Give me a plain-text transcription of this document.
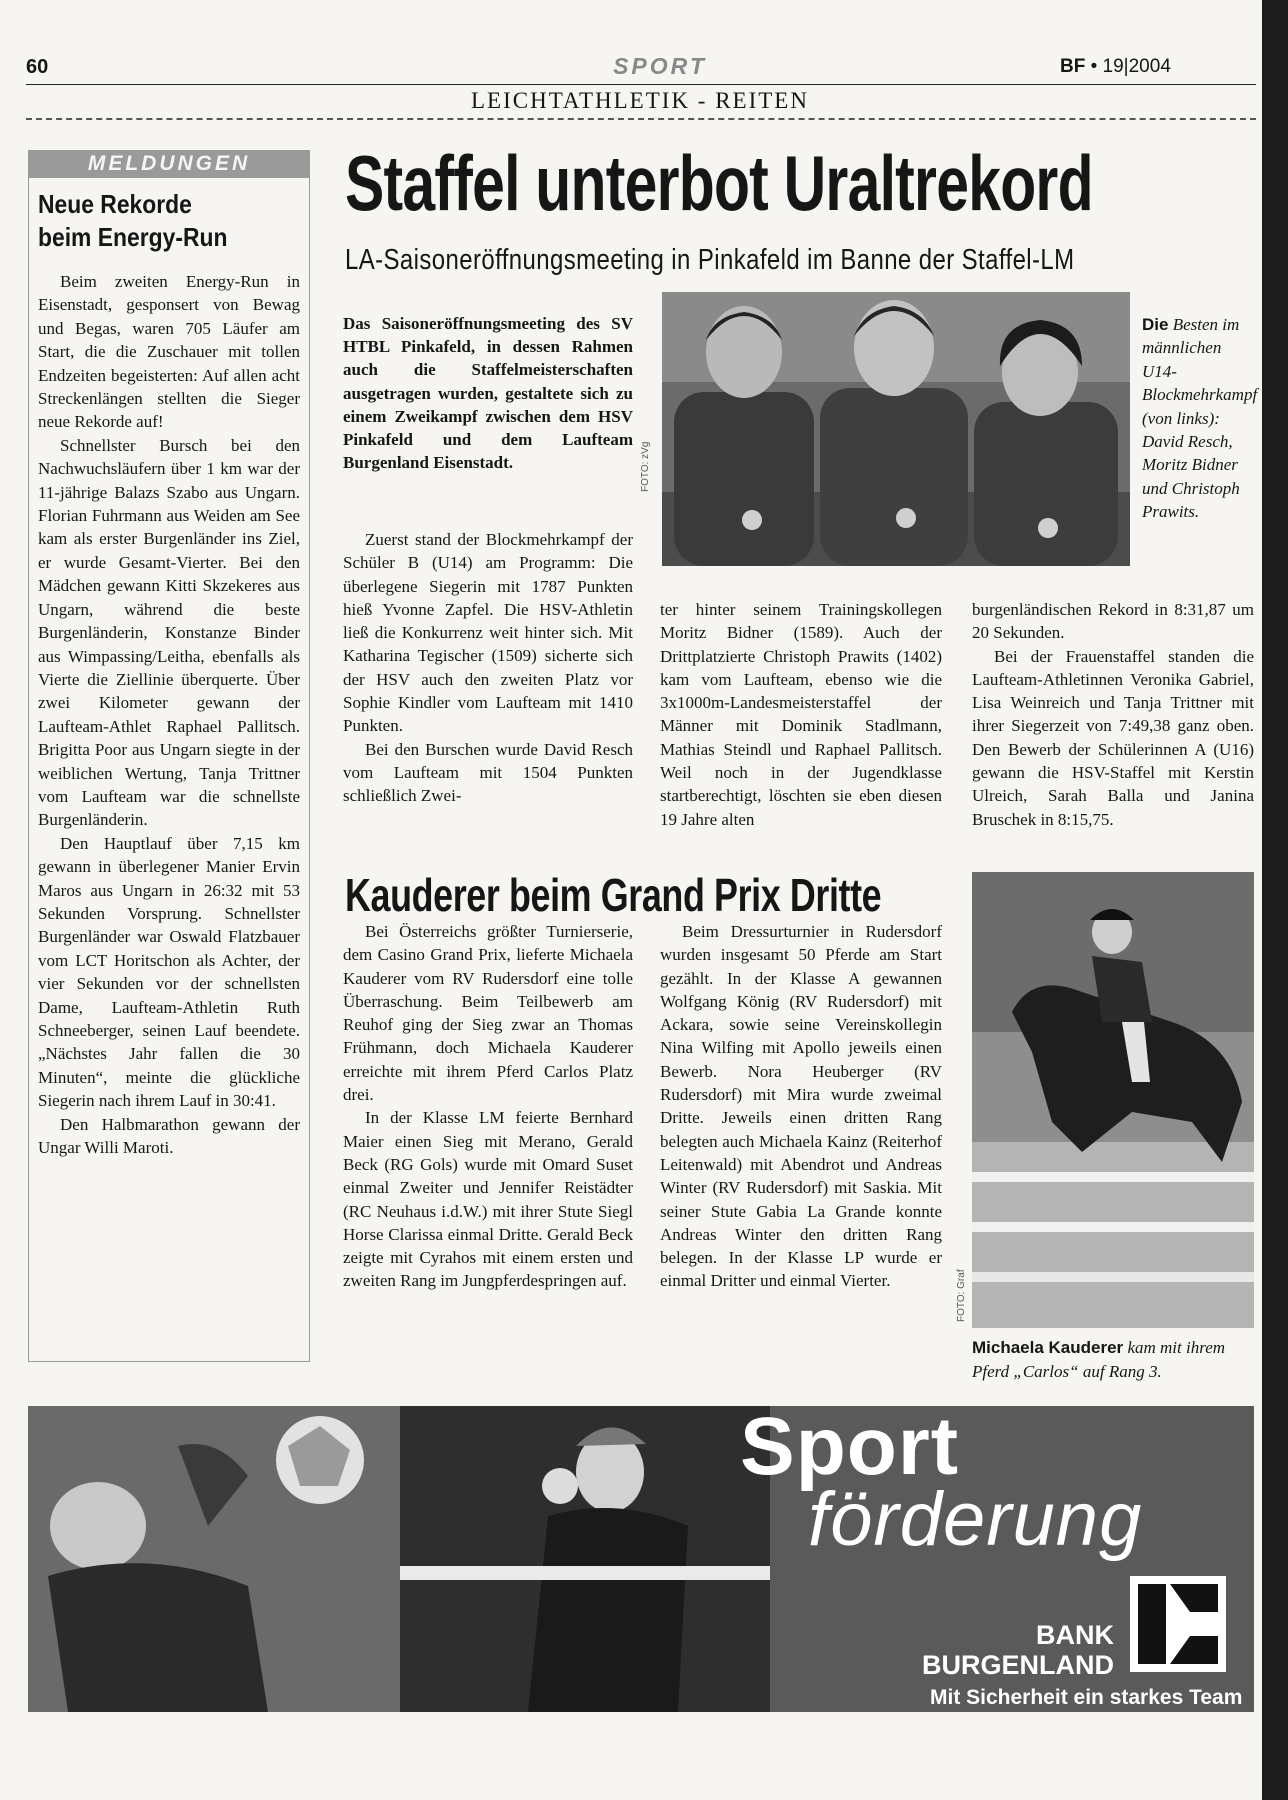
60	SPORT	BF • 19|2004
LEICHTATHLETIK - REITEN
MELDUNGEN
Neue Rekorde
beim Energy-Run

Beim zweiten Energy-Run in Eisenstadt, gesponsert von Bewag und Begas, waren 705 Läufer am Start, die die Zuschauer mit tollen Endzeiten begeisterten: Auf allen acht Streckenlängen stellten die Sieger neue Rekorde auf!

Schnellster Bursch bei den Nachwuchsläufern über 1 km war der 11-jährige Balazs Szabo aus Ungarn. Florian Fuhrmann aus Weiden am See kam als erster Burgenländer ins Ziel, er wurde Gesamt-Vierter. Bei den Mädchen gewann Kitti Skzekeres aus Ungarn, während die beste Burgenländerin, Konstanze Binder aus Wimpassing/Leitha, ebenfalls als Vierte die Ziellinie überquerte. Über zwei Kilometer gewann der Laufteam-Athlet Raphael Pallitsch. Brigitta Poor aus Ungarn siegte in der weiblichen Wertung, Tanja Trittner vom Laufteam war die schnellste Burgenländerin.

Den Hauptlauf über 7,15 km gewann in überlegener Manier Ervin Maros aus Ungarn in 26:32 mit 53 Sekunden Vorsprung. Schnellster Burgenländer war Oswald Flatzbauer vom LCT Horitschon als Achter, der vier Sekunden vor der schnellsten Dame, Laufteam-Athletin Ruth Schneeberger, seinen Lauf beendete. „Nächstes Jahr fallen die 30 Minuten“, meinte die glückliche Siegerin nach ihrem Lauf in 30:41.

Den Halbmarathon gewann der Ungar Willi Maroti.

Staffel unterbot Uraltrekord
LA-Saisoneröffnungsmeeting in Pinkafeld im Banne der Staffel-LM
Das Saisoneröffnungsmeeting des SV HTBL Pinkafeld, in dessen Rahmen auch die Staffelmeisterschaften ausgetragen wurden, gestaltete sich zu einem Zweikampf zwischen dem HSV Pinkafeld und dem Laufteam Burgenland Eisenstadt.	FOTO: zVg
Die Besten im männlichen U14-Blockmehrkampf (von links): David Resch, Moritz Bidner und Christoph Prawits.

Zuerst stand der Blockmehrkampf der Schüler B (U14) am Programm: Die überlegene Siegerin mit 1787 Punkten hieß Yvonne Zapfel. Die HSV-Athletin ließ die Konkurrenz weit hinter sich. Mit Katharina Tegischer (1509) sicherte sich der HSV auch den zweiten Platz vor Sophie Kindler vom Laufteam mit 1410 Punkten.

Bei den Burschen wurde David Resch vom Laufteam mit 1504 Punkten schließlich Zwei-

ter hinter seinem Trainingskollegen Moritz Bidner (1589). Auch der Drittplatzierte Christoph Prawits (1402) kam vom Laufteam, ebenso wie die 3x1000m-Landesmeisterstaffel der Männer mit Dominik Stadlmann, Mathias Steindl und Raphael Pallitsch. Weil noch in der Jugendklasse startberechtigt, löschten sie eben diesen 19 Jahre alten

burgenländischen Rekord in 8:31,87 um 20 Sekunden.

Bei der Frauenstaffel standen die Laufteam-Athletinnen Veronika Gabriel, Lisa Weinreich und Tanja Trittner mit ihrer Siegerzeit von 7:49,38 ganz oben. Den Bewerb der Schülerinnen A (U16) gewann die HSV-Staffel mit Kerstin Ulreich, Sarah Balla und Janina Bruschek in 8:15,75.

Kauderer beim Grand Prix Dritte

Bei Österreichs größter Turnierserie, dem Casino Grand Prix, lieferte Michaela Kauderer vom RV Rudersdorf eine tolle Überraschung. Beim Teilbewerb am Reuhof ging der Sieg zwar an Thomas Frühmann, doch Michaela Kauderer erreichte mit ihrem Pferd Carlos Platz drei.

In der Klasse LM feierte Bernhard Maier einen Sieg mit Merano, Gerald Beck (RG Gols) wurde mit Omard Suset einmal Zweiter und Jennifer Reistädter (RC Neuhaus i.d.W.) mit ihrer Stute Siegl Horse Clarissa einmal Dritte. Gerald Beck zeigte mit Cyrahos mit einem ersten und zweiten Rang im Jungpferdespringen auf.

Beim Dressurturnier in Rudersdorf wurden insgesamt 50 Pferde am Start gezählt. In der Klasse A gewannen Wolfgang König (RV Rudersdorf) mit Ackara, sowie seine Vereinskollegin Nina Wilfing mit Apollo jeweils einen Bewerb. Nora Heuberger (RV Rudersdorf) mit Mira wurde zweimal Dritte. Jeweils einen dritten Rang belegten auch Michaela Kainz (Reiterhof Leitenwald) mit Abendrot und Andreas Winter (RV Rudersdorf) mit Saskia. Mit seiner Stute Gabia La Grande konnte Andreas Winter den dritten Rang belegen. In der Klasse LP wurde er einmal Dritter und einmal Vierter.	FOTO: Graf
Michaela Kauderer kam mit ihrem Pferd „Carlos“ auf Rang 3.
Sport
förderung
BANK
BURGENLAND
Mit Sicherheit ein starkes Team
